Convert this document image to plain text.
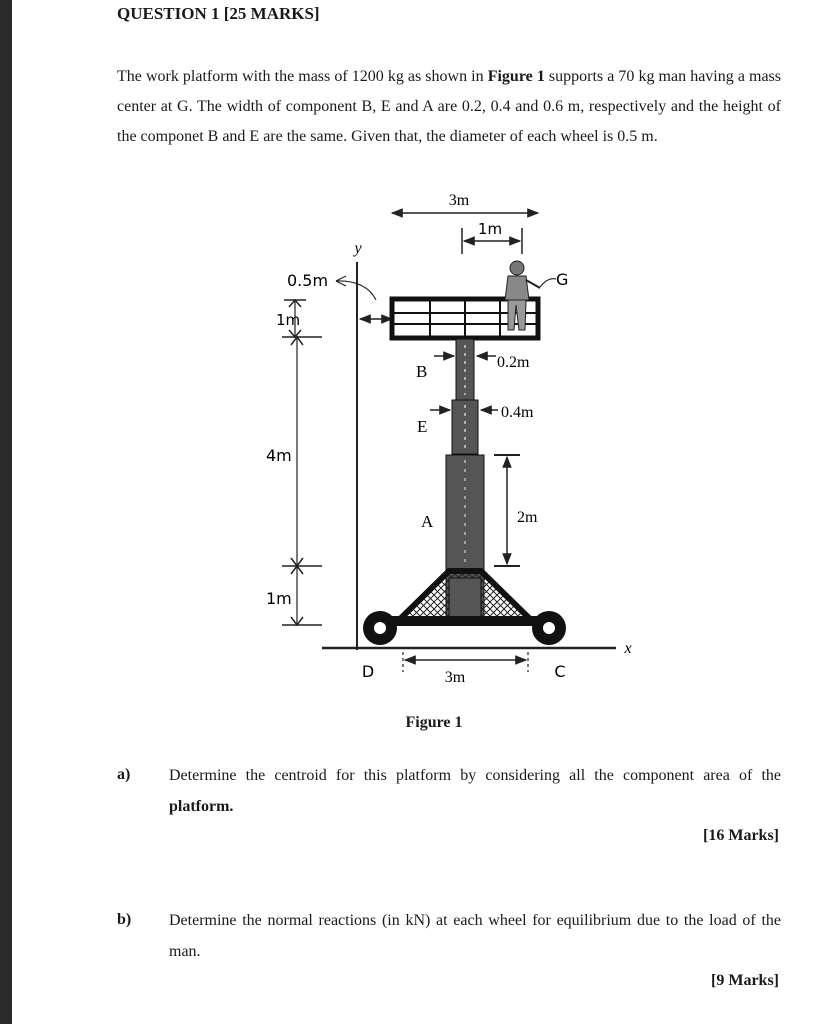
QUESTION 1 [25 MARKS]
The work platform with the mass of 1200 kg as shown in Figure 1 supports a 70 kg man having a mass center at G. The width of component B, E and A are 0.2, 0.4 and 0.6 m, respectively and the height of the componet B and E are the same. Given that, the diameter of each wheel is 0.5 m.
3m
1m
y
x
0.5m
1m
4m
1m
G
B	0.2m
E
0.4m
A	2m
3m
D	C
Figure 1
a) Determine the centroid for this platform by considering all the component area of the platform.
[16 Marks]
b) Determine the normal reactions (in kN) at each wheel for equilibrium due to the load of the man.
[9 Marks]
